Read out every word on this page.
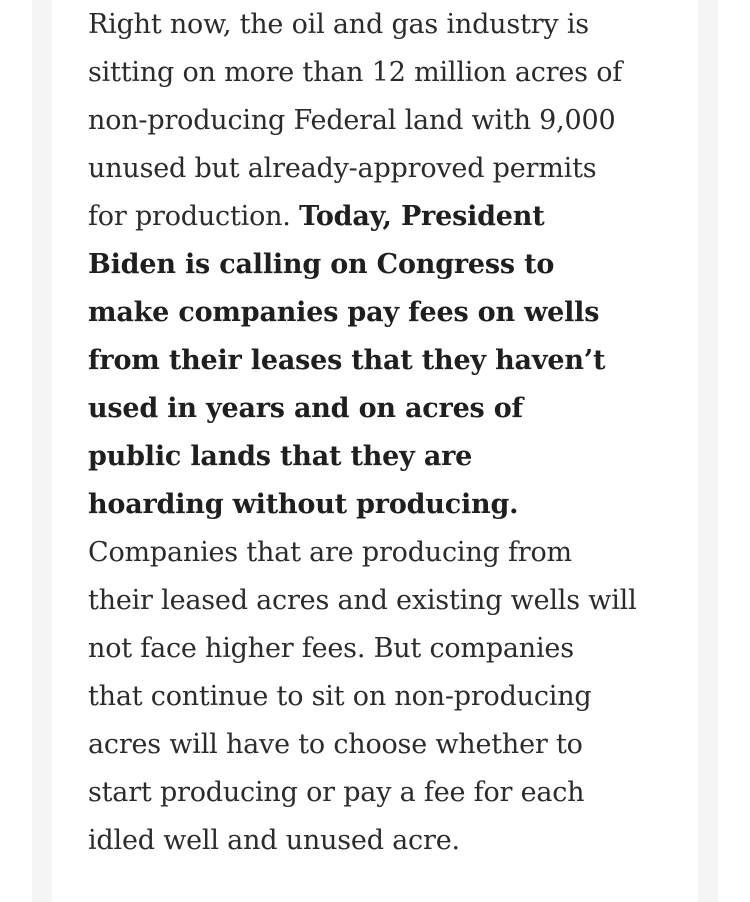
Right now, the oil and gas industry is
sitting on more than 12 million acres of
non-producing Federal land with 9,000
unused but already-approved permits
for production. Today, President
Biden is calling on Congress to
make companies pay fees on wells
from their leases that they haven’t
used in years and on acres of
public lands that they are
hoarding without producing.
Companies that are producing from
their leased acres and existing wells will
not face higher fees. But companies
that continue to sit on non-producing
acres will have to choose whether to
start producing or pay a fee for each
idled well and unused acre.
